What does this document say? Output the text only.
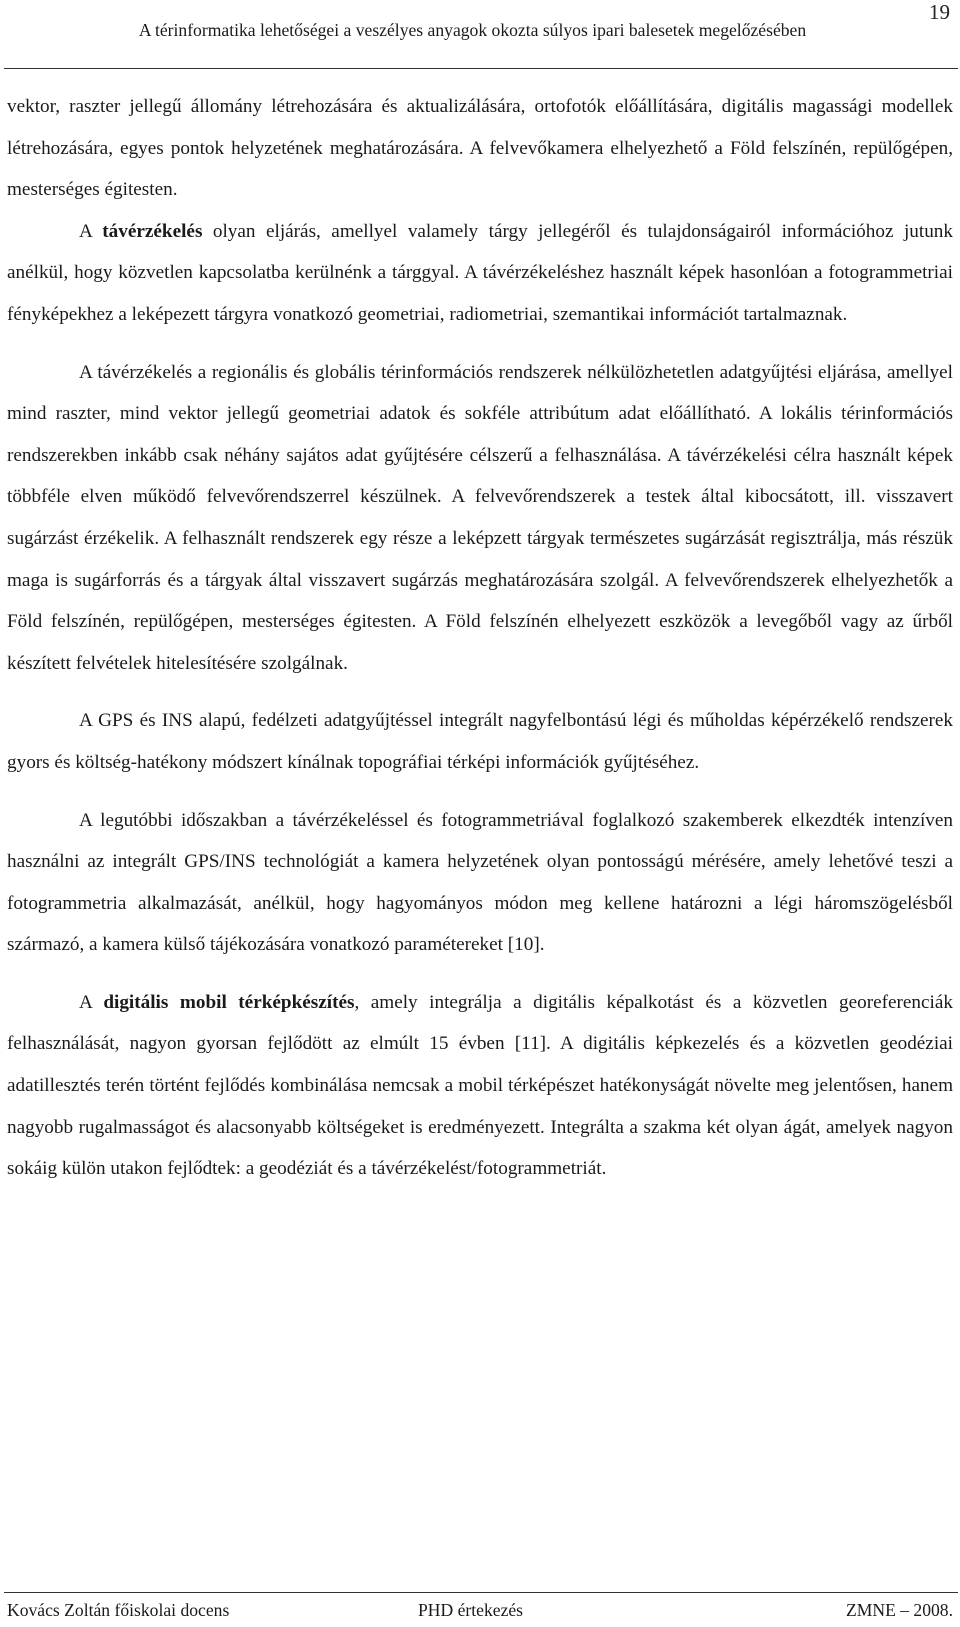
19
A térinformatika lehetőségei a veszélyes anyagok okozta súlyos ipari balesetek megelőzésében

vektor, raszter jellegű állomány létrehozására és aktualizálására, ortofotók előállítására, digitális magassági modellek létrehozására, egyes pontok helyzetének meghatározására. A felvevőkamera elhelyezhető a Föld felszínén, repülőgépen, mesterséges égitesten.

A távérzékelés olyan eljárás, amellyel valamely tárgy jellegéről és tulajdonságairól információhoz jutunk anélkül, hogy közvetlen kapcsolatba kerülnénk a tárggyal. A távérzékeléshez használt képek hasonlóan a fotogrammetriai fényképekhez a leképezett tárgyra vonatkozó geometriai, radiometriai, szemantikai információt tartalmaznak.

A távérzékelés a regionális és globális térinformációs rendszerek nélkülözhetetlen adatgyűjtési eljárása, amellyel mind raszter, mind vektor jellegű geometriai adatok és sokféle attribútum adat előállítható. A lokális térinformációs rendszerekben inkább csak néhány sajátos adat gyűjtésére célszerű a felhasználása. A távérzékelési célra használt képek többféle elven működő felvevőrendszerrel készülnek. A felvevőrendszerek a testek által kibocsátott, ill. visszavert sugárzást érzékelik. A felhasznált rendszerek egy része a leképzett tárgyak természetes sugárzását regisztrálja, más részük maga is sugárforrás és a tárgyak által visszavert sugárzás meghatározására szolgál. A felvevőrendszerek elhelyezhetők a Föld felszínén, repülőgépen, mesterséges égitesten. A Föld felszínén elhelyezett eszközök a levegőből vagy az űrből készített felvételek hitelesítésére szolgálnak.

A GPS és INS alapú, fedélzeti adatgyűjtéssel integrált nagyfelbontású légi és műholdas képérzékelő rendszerek gyors és költség-hatékony módszert kínálnak topográfiai térképi információk gyűjtéséhez.

A legutóbbi időszakban a távérzékeléssel és fotogrammetriával foglalkozó szakemberek elkezdték intenzíven használni az integrált GPS/INS technológiát a kamera helyzetének olyan pontosságú mérésére, amely lehetővé teszi a fotogrammetria alkalmazását, anélkül, hogy hagyományos módon meg kellene határozni a légi háromszögelésből származó, a kamera külső tájékozására vonatkozó paramétereket [10].

A digitális mobil térképkészítés, amely integrálja a digitális képalkotást és a közvetlen georeferenciák felhasználását, nagyon gyorsan fejlődött az elmúlt 15 évben [11]. A digitális képkezelés és a közvetlen geodéziai adatillesztés terén történt fejlődés kombinálása nemcsak a mobil térképészet hatékonyságát növelte meg jelentősen, hanem nagyobb rugalmasságot és alacsonyabb költségeket is eredményezett. Integrálta a szakma két olyan ágát, amelyek nagyon sokáig külön utakon fejlődtek: a geodéziát és a távérzékelést/fotogrammetriát.

Kovács Zoltán főiskolai docens	PHD értekezés	ZMNE – 2008.
